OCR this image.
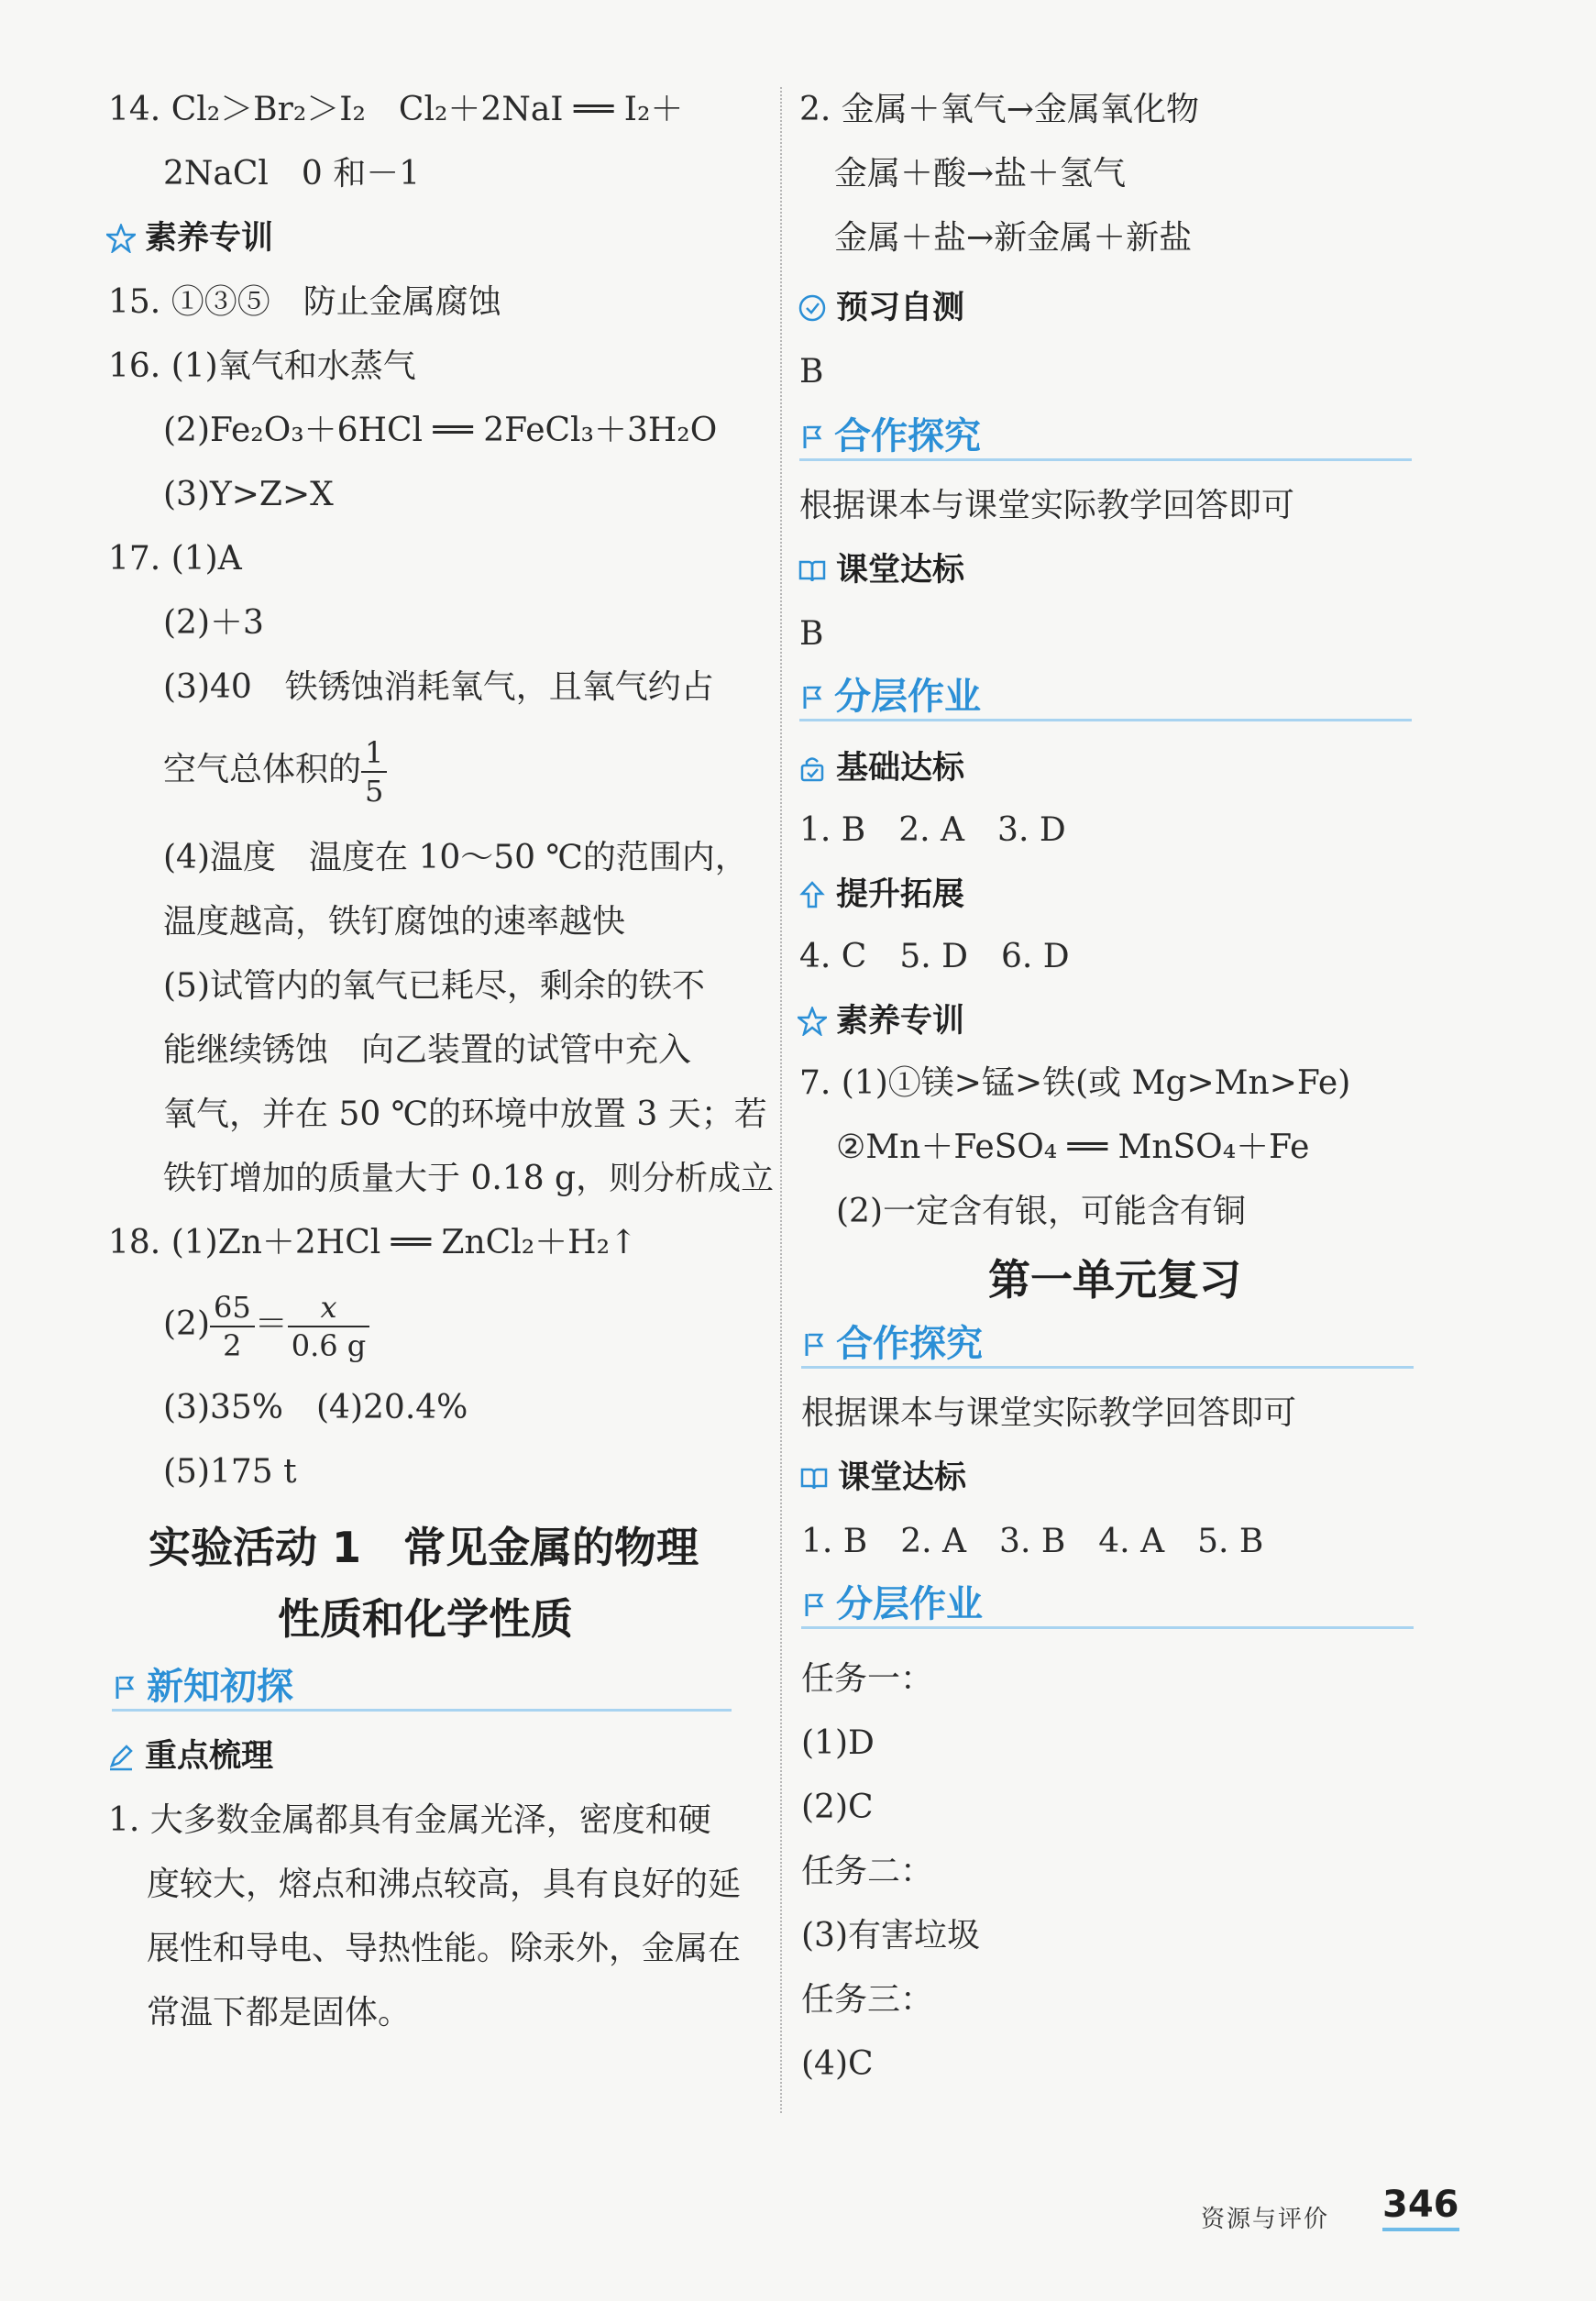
14. Cl₂＞Br₂＞I₂　Cl₂＋2NaI ══ I₂＋
2NaCl　0 和－1
素养专训
15. ①③⑤　防止金属腐蚀
16. (1)氧气和水蒸气
(2)Fe₂O₃＋6HCl ══ 2FeCl₃＋3H₂O
(3)Y>Z>X
17. (1)A
(2)＋3
(3)40　铁锈蚀消耗氧气，且氧气约占
空气总体积的 $\frac{1}{5}$
(4)温度　温度在 10～50 ℃的范围内，
温度越高，铁钉腐蚀的速率越快
(5)试管内的氧气已耗尽，剩余的铁不
能继续锈蚀　向乙装置的试管中充入
氧气，并在 50 ℃的环境中放置 3 天；若
铁钉增加的质量大于 0.18 g，则分析成立
18. (1)Zn＋2HCl ══ ZnCl₂＋H₂↑
$(2) \frac{65}{2} = \frac{x}{0.6 g}$
(3)35%　(4)20.4%
(5)175 t
实验活动 1　常见金属的物理
性质和化学性质
新知初探
重点梳理
1. 大多数金属都具有金属光泽，密度和硬
度较大，熔点和沸点较高，具有良好的延
展性和导电、导热性能。除汞外，金属在
常温下都是固体。
2. 金属＋氧气→金属氧化物
金属＋酸→盐＋氢气
金属＋盐→新金属＋新盐
预习自测
B
合作探究
根据课本与课堂实际教学回答即可
课堂达标
B
分层作业
基础达标
1. B　2. A　3. D
提升拓展
4. C　5. D　6. D
素养专训
7. (1)①镁>锰>铁(或 Mg>Mn>Fe)
②Mn＋FeSO₄ ══ MnSO₄＋Fe
(2)一定含有银，可能含有铜
第一单元复习
合作探究
根据课本与课堂实际教学回答即可
课堂达标
1. B　2. A　3. B　4. A　5. B
分层作业
任务一：
(1)D
(2)C
任务二：
(3)有害垃圾
任务三：
(4)C
资源与评价 346
